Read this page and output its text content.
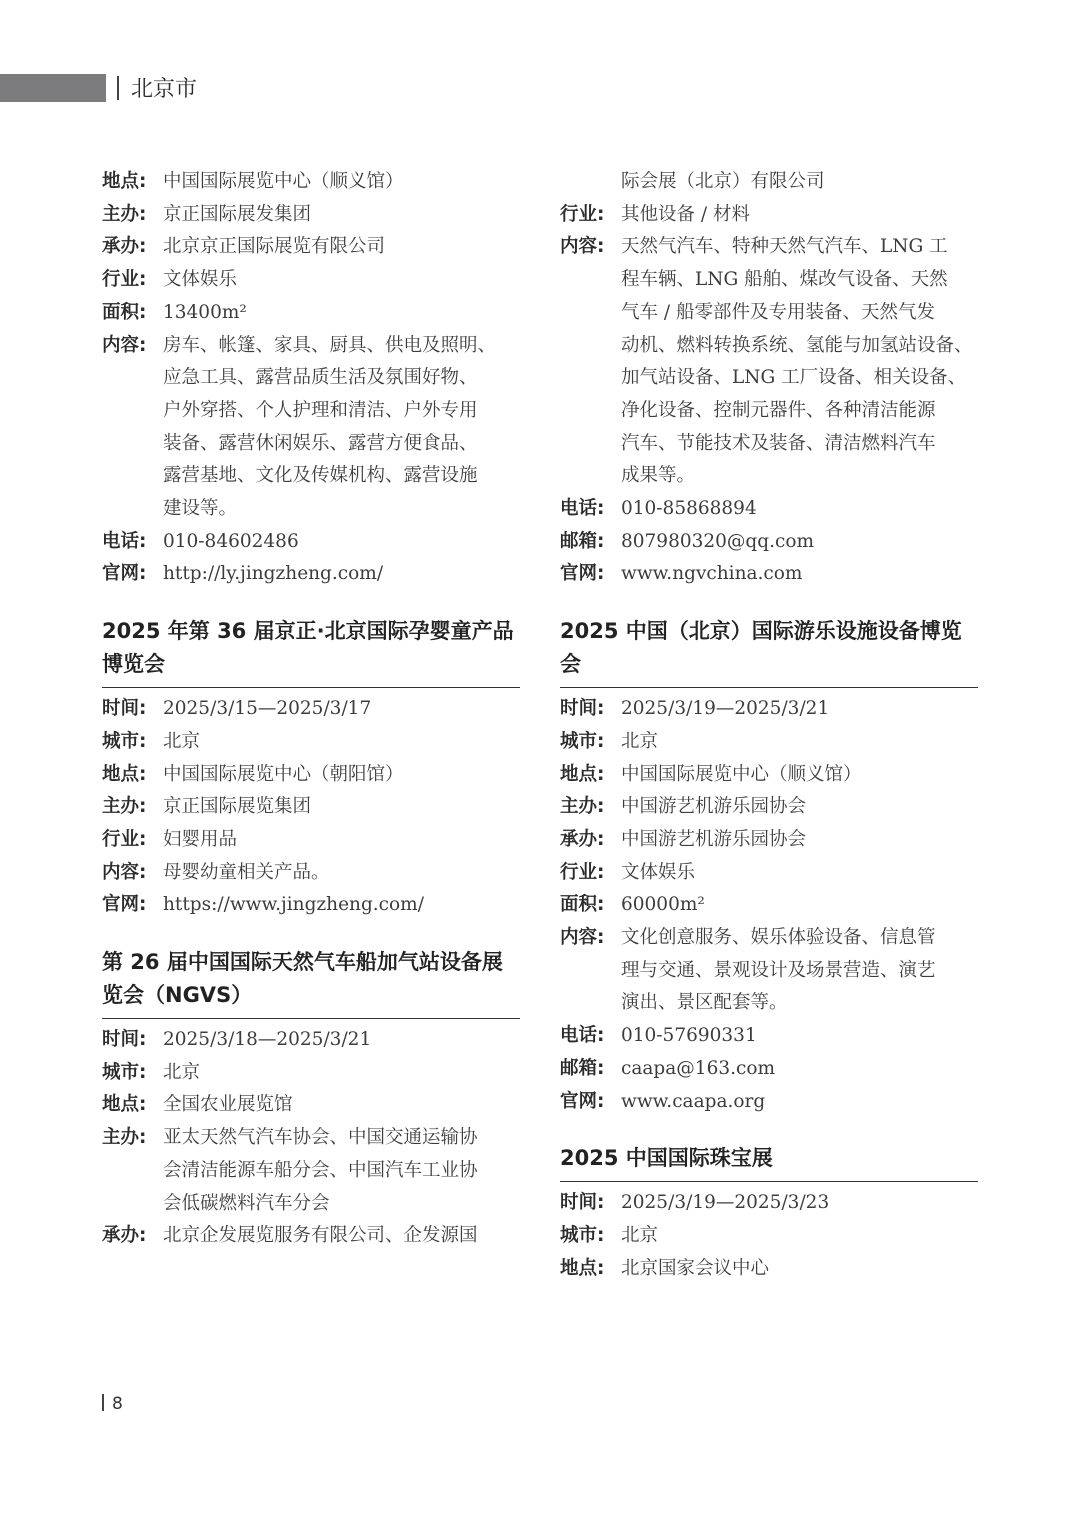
北京市
地点: 中国国际展览中心（顺义馆）
主办: 京正国际展发集团
承办: 北京京正国际展览有限公司
行业: 文体娱乐
面积: 13400m²
内容: 房车、帐篷、家具、厨具、供电及照明、
应急工具、露营品质生活及氛围好物、
户外穿搭、个人护理和清洁、户外专用
装备、露营休闲娱乐、露营方便食品、
露营基地、文化及传媒机构、露营设施
建设等。
电话: 010-84602486
官网: http://ly.jingzheng.com/
2025 年第 36 届京正·北京国际孕婴童产品博览会
时间: 2025/3/15—2025/3/17
城市: 北京
地点: 中国国际展览中心（朝阳馆）
主办: 京正国际展览集团
行业: 妇婴用品
内容: 母婴幼童相关产品。
官网: https://www.jingzheng.com/
第 26 届中国国际天然气车船加气站设备展览会（NGVS）
时间: 2025/3/18—2025/3/21
城市: 北京
地点: 全国农业展览馆
主办: 亚太天然气汽车协会、中国交通运输协
会清洁能源车船分会、中国汽车工业协
会低碳燃料汽车分会
承办: 北京企发展览服务有限公司、企发源国
际会展（北京）有限公司
行业: 其他设备 / 材料
内容: 天然气汽车、特种天然气汽车、LNG 工
程车辆、LNG 船舶、煤改气设备、天然
气车 / 船零部件及专用装备、天然气发
动机、燃料转换系统、氢能与加氢站设备、
加气站设备、LNG 工厂设备、相关设备、
净化设备、控制元器件、各种清洁能源
汽车、节能技术及装备、清洁燃料汽车
成果等。
电话: 010-85868894
邮箱: 807980320@qq.com
官网: www.ngvchina.com
2025 中国（北京）国际游乐设施设备博览会
时间: 2025/3/19—2025/3/21
城市: 北京
地点: 中国国际展览中心（顺义馆）
主办: 中国游艺机游乐园协会
承办: 中国游艺机游乐园协会
行业: 文体娱乐
面积: 60000m²
内容: 文化创意服务、娱乐体验设备、信息管
理与交通、景观设计及场景营造、演艺
演出、景区配套等。
电话: 010-57690331
邮箱: caapa@163.com
官网: www.caapa.org
2025 中国国际珠宝展
时间: 2025/3/19—2025/3/23
城市: 北京
地点: 北京国家会议中心
8
